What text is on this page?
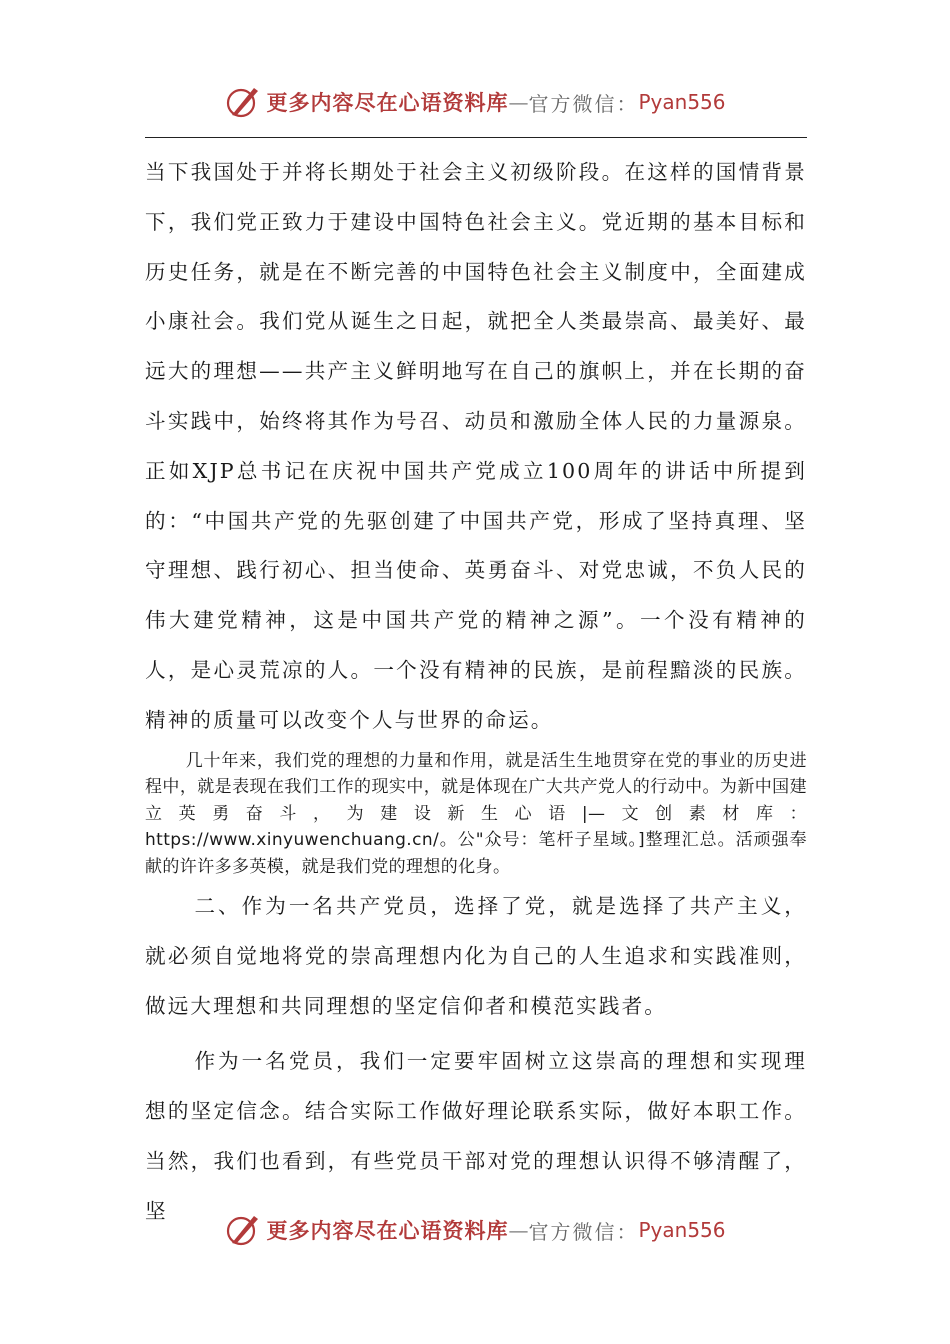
更多内容尽在心语资料库 — 官方微信： Pyan556

当下我国处于并将长期处于社会主义初级阶段。在这样的国情背景下，我们党正致力于建设中国特色社会主义。党近期的基本目标和历史任务，就是在不断完善的中国特色社会主义制度中，全面建成小康社会。我们党从诞生之日起，就把全人类最崇高、最美好、最远大的理想——共产主义鲜明地写在自己的旗帜上，并在长期的奋斗实践中，始终将其作为号召、动员和激励全体人民的力量源泉。正如XJP总书记在庆祝中国共产党成立100周年的讲话中所提到的：“中国共产党的先驱创建了中国共产党，形成了坚持真理、坚守理想、践行初心、担当使命、英勇奋斗、对党忠诚，不负人民的伟大建党精神，这是中国共产党的精神之源”。一个没有精神的人，是心灵荒凉的人。一个没有精神的民族，是前程黯淡的民族。精神的质量可以改变个人与世界的命运。

几十年来，我们党的理想的力量和作用，就是活生生地贯穿在党的事业的历史进程中，就是表现在我们工作的现实中，就是体现在广大共产党人的行动中。为新中国建立英勇奋斗，为建设新生心语|—文创素材库：https://www.xinyuwenchuang.cn/。公"众号：笔杆子星域。]整理汇总。活顽强奉献的许许多多英模，就是我们党的理想的化身。

二、作为一名共产党员，选择了党，就是选择了共产主义，就必须自觉地将党的崇高理想内化为自己的人生追求和实践准则，做远大理想和共同理想的坚定信仰者和模范实践者。

作为一名党员，我们一定要牢固树立这崇高的理想和实现理想的坚定信念。结合实际工作做好理论联系实际，做好本职工作。当然，我们也看到，有些党员干部对党的理想认识得不够清醒了，坚

更多内容尽在心语资料库 — 官方微信： Pyan556
